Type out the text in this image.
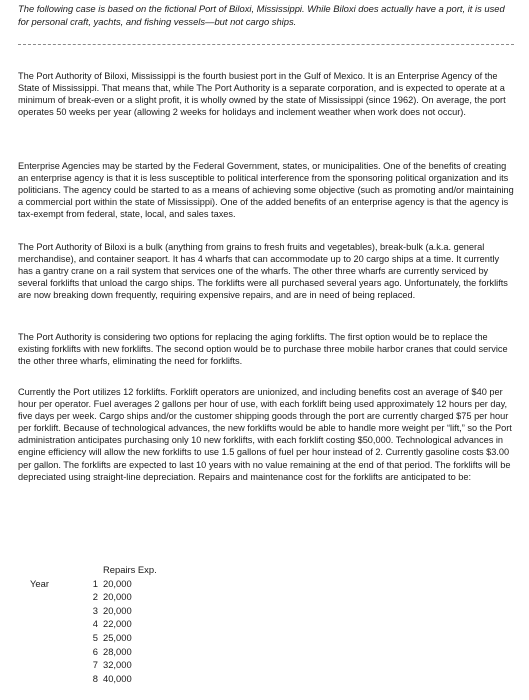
The following case is based on the fictional Port of Biloxi, Mississippi. While Biloxi does actually have a port, it is used for personal craft, yachts, and fishing vessels—but not cargo ships.

The Port Authority of Biloxi, Mississippi is the fourth busiest port in the Gulf of Mexico. It is an Enterprise Agency of the State of Mississippi. That means that, while The Port Authority is a separate corporation, and is expected to operate at a minimum of break-even or a slight profit, it is wholly owned by the state of Mississippi (since 1962). On average, the port operates 50 weeks per year (allowing 2 weeks for holidays and inclement weather when work does not occur).

Enterprise Agencies may be started by the Federal Government, states, or municipalities. One of the benefits of creating an enterprise agency is that it is less susceptible to political interference from the sponsoring political organization and its politicians. The agency could be started to as a means of achieving some objective (such as promoting and/or maintaining a commercial port within the state of Mississippi). One of the added benefits of an enterprise agency is that the agency is tax-exempt from federal, state, local, and sales taxes.

The Port Authority of Biloxi is a bulk (anything from grains to fresh fruits and vegetables), break-bulk (a.k.a. general merchandise), and container seaport. It has 4 wharfs that can accommodate up to 20 cargo ships at a time. It currently has a gantry crane on a rail system that services one of the wharfs. The other three wharfs are currently serviced by several forklifts that unload the cargo ships. The forklifts were all purchased several years ago. Unfortunately, the forklifts are now breaking down frequently, requiring expensive repairs, and are in need of being replaced.

The Port Authority is considering two options for replacing the aging forklifts. The first option would be to replace the existing forklifts with new forklifts. The second option would be to purchase three mobile harbor cranes that could service the other three wharfs, eliminating the need for forklifts.

Currently the Port utilizes 12 forklifts. Forklift operators are unionized, and including benefits cost an average of $40 per hour per operator. Fuel averages 2 gallons per hour of use, with each forklift being used approximately 12 hours per day, five days per week. Cargo ships and/or the customer shipping goods through the port are currently charged $75 per hour per forklift. Because of technological advances, the new forklifts would be able to handle more weight per “lift,” so the Port administration anticipates purchasing only 10 new forklifts, with each forklift costing $50,000. Technological advances in engine efficiency will allow the new forklifts to use 1.5 gallons of fuel per hour instead of 2. Currently gasoline costs $3.00 per gallon. The forklifts are expected to last 10 years with no value remaining at the end of that period. The forklifts will be depreciated using straight-line depreciation. Repairs and maintenance cost for the forklifts are anticipated to be:

Repairs Exp.
Year	1 20,000
2 20,000
3 20,000
4 22,000
5 25,000
6 28,000
7 32,000
8 40,000
